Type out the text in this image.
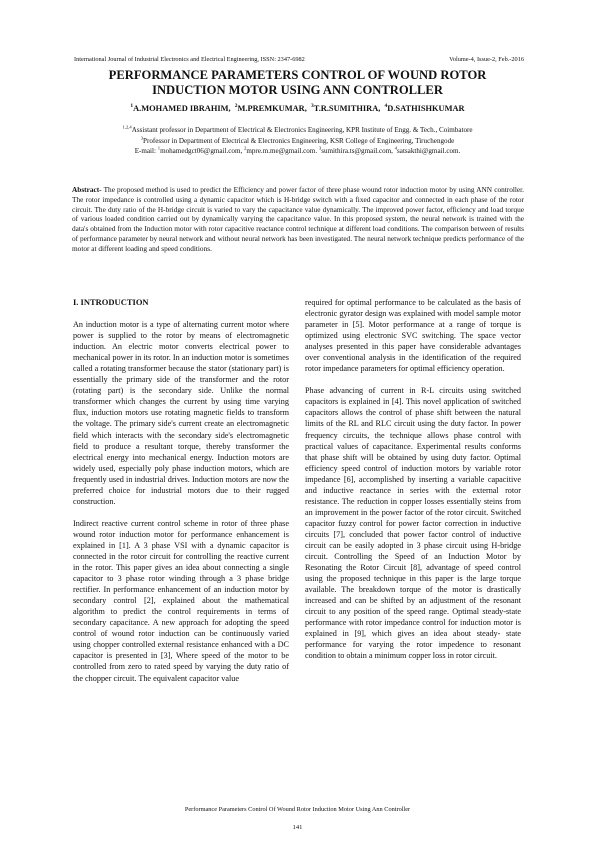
International Journal of Industrial Electronics and Electrical Engineering, ISSN: 2347-6982	Volume-4, Issue-2, Feb.-2016
PERFORMANCE PARAMETERS CONTROL OF WOUND ROTOR
INDUCTION MOTOR USING ANN CONTROLLER
$^1$A.MOHAMED IBRAHIM, $^2$M.PREMKUMAR, $^3$T.R.SUMITHIRA, $^4$D.SATHISHKUMAR
$^{1,2,4}$Assistant professor in Department of Electrical & Electronics Engineering, KPR Institute of Engg. & Tech., Coimbatore
$^3$Professor in Department of Electrical & Electronics Engineering, KSR College of Engineering, Tiruchengode
E-mail: $^1$mohamedgct06@gmail.com, $^2$mpre.m.me@gmail.com. $^3$sumithira.ts@gmail.com, $^4$satsakthi@gmail.com.
Abstract- The proposed method is used to predict the Efficiency and power factor of three phase wound rotor induction motor by using ANN controller. The rotor impedance is controlled using a dynamic capacitor which is H-bridge switch with a fixed capacitor and connected in each phase of the rotor circuit. The duty ratio of the H-bridge circuit is varied to vary the capacitance value dynamically. The improved power factor, efficiency and load torque of various loaded condition carried out by dynamically varying the capacitance value. In this proposed system, the neural network is trained with the data's obtained from the Induction motor with rotor capacitive reactance control technique at different load conditions. The comparison between of results of performance parameter by neural network and without neural network has been investigated. The neural network technique predicts performance of the motor at different loading and speed conditions.
I. INTRODUCTION

An induction motor is a type of alternating current motor where power is supplied to the rotor by means of electromagnetic induction. An electric motor converts electrical power to mechanical power in its rotor. In an induction motor is sometimes called a rotating transformer because the stator (stationary part) is essentially the primary side of the transformer and the rotor (rotating part) is the secondary side. Unlike the normal transformer which changes the current by using time varying flux, induction motors use rotating magnetic fields to transform the voltage. The primary side's current create an electromagnetic field which interacts with the secondary side's electromagnetic field to produce a resultant torque, thereby transformer the electrical energy into mechanical energy. Induction motors are widely used, especially poly phase induction motors, which are frequently used in industrial drives. Induction motors are now the preferred choice for industrial motors due to their rugged construction.

Indirect reactive current control scheme in rotor of three phase wound rotor induction motor for performance enhancement is explained in [1]. A 3 phase VSI with a dynamic capacitor is connected in the rotor circuit for controlling the reactive current in the rotor. This paper gives an idea about connecting a single capacitor to 3 phase rotor winding through a 3 phase bridge rectifier. In performance enhancement of an induction motor by secondary control [2], explained about the mathematical algorithm to predict the control requirements in terms of secondary capacitance. A new approach for adopting the speed control of wound rotor induction can be continuously varied using chopper controlled external resistance enhanced with a DC capacitor is presented in [3], Where speed of the motor to be controlled from zero to rated speed by varying the duty ratio of the chopper circuit. The equivalent capacitor value

required for optimal performance to be calculated as the basis of electronic gyrator design was explained with model sample motor parameter in [5]. Motor performance at a range of torque is optimized using electronic SVC switching. The space vector analyses presented in this paper have considerable advantages over conventional analysis in the identification of the required rotor impedance parameters for optimal efficiency operation.

Phase advancing of current in R-L circuits using switched capacitors is explained in [4]. This novel application of switched capacitors allows the control of phase shift between the natural limits of the RL and RLC circuit using the duty factor. In power frequency circuits, the technique allows phase control with practical values of capacitance. Experimental results conforms that phase shift will be obtained by using duty factor. Optimal efficiency speed control of induction motors by variable rotor impedance [6], accomplished by inserting a variable capacitive and inductive reactance in series with the external rotor resistance. The reduction in copper losses essentially steins from an improvement in the power factor of the rotor circuit. Switched capacitor fuzzy control for power factor correction in inductive circuits [7], concluded that power factor control of inductive circuit can be easily adopted in 3 phase circuit using H-bridge circuit. Controlling the Speed of an Induction Motor by Resonating the Rotor Circuit [8], advantage of speed control using the proposed technique in this paper is the large torque available. The breakdown torque of the motor is drastically increased and can be shifted by an adjustment of the resonant circuit to any position of the speed range. Optimal steady-state performance with rotor impedance control for induction motor is explained in [9], which gives an idea about steady- state performance for varying the rotor impedence to resonant condition to obtain a minimum copper loss in rotor circuit.

Performance Parameters Control Of Wound Rotor Induction Motor Using Ann Controller
141
